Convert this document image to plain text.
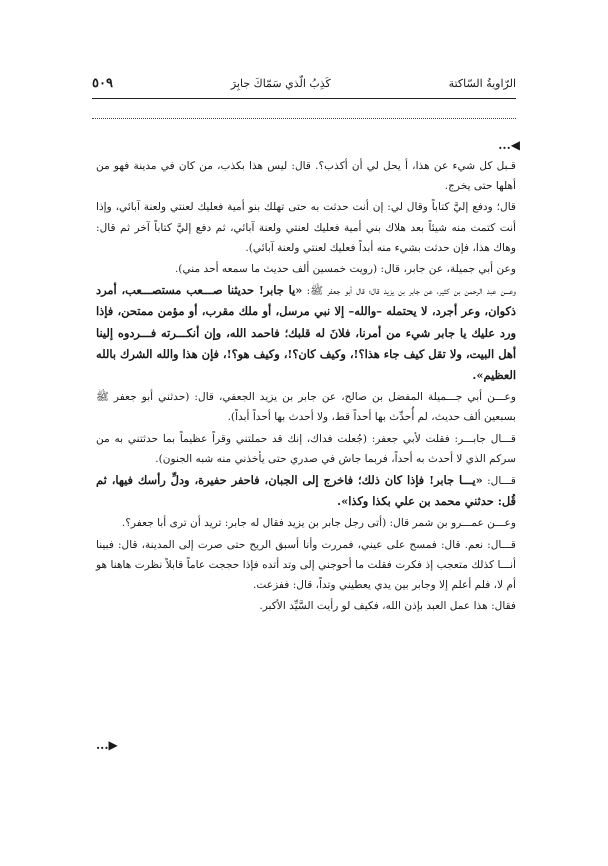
الرّاويةُ السّاكتة
كَذِبُ الّذي سَمّاكَ جابِرَ
٥٠٩
◀...

قـبل كل شيء عن هذا، أ يحل لي أن أكذب؟. قال: ليس هذا بكذب، من كان في مدينة فهو من أهلها حتى يخرج.

قال؛ ودفع إليَّ كتاباً وقال لي: إن أنت حدثت به حتى تهلك بنو أمية فعليك لعنتي ولعنة آبائي، وإذا أنت كتمت منه شيئاً بعد هلاك بني أمية فعليك لعنتي ولعنة آبائي، ثم دفع إليَّ كتاباً آخر ثم قال: وهاك هذا، فإن حدثت بشيء منه أبداً فعليك لعنتي ولعنة آبائي).

وعن أبي جميلة، عن جابر، قال: (رويت خمسين ألف حديث ما سمعه أحد مني).

وعـــن عبد الرحمن بن كثير، عن جابر بن يزيد قال؛ قال أبو جعفر ﷺ: «يا جابر! حديثنا صـــعب مستصـــعب، أمرد ذكوان، وعر أجرد، لا يحتمله –والله– إلا نبي مرسل، أو ملك مقرب، أو مؤمن ممتحن، فإذا ورد عليك يا جابر شيء من أمرنا، فلانَ له قلبك؛ فاحمد الله، وإن أنكـــرته فـــردوه إلينا أهل البيت، ولا تقل كيف جاء هذا؟!، وكيف كان؟!، وكيف هو؟!، فإن هذا والله الشرك بالله العظيم».

وعـــن أبي جـــميلة المفضل بن صالح، عن جابر بن يزيد الجعفي، قال: (حدثني أبو جعفر ﷺ بسبعين ألف حديث، لم أُحدِّث بها أحداً قط، ولا أحدث بها أحداً أبداً).

قـــال جابـــر: فقلت لأبي جعفر: (جُعلت فداك، إنك قد حملتني وقراً عظيماً بما حدثتني به من سركم الذي لا أحدث به أحداً، فربما جاش في صدري حتى يأخذني منه شبه الجنون).

قـــال: «يـــا جابر! فإذا كان ذلك؛ فاخرج إلى الجبان، فاحفر حفيرة، ودلِّ رأسك فيها، ثم قُل: حدثني محمد بن علي بكذا وكذا».

وعـــن عمـــرو بن شمر قال: (أتى رجل جابر بن يزيد فقال له جابر: تريد أن ترى أبا جعفر؟.

قـــال: نعم. قال: فمسح على عيني، فمررت وأنا أسبق الريح حتى صرت إلى المدينة، قال: فبينا أنـــا كذلك متعجب إذ فكرت فقلت ما أحوجني إلى وتد أتده فإذا حججت عاماً قابلاً نظرت هاهنا هو أم لا، فلم أعلم إلا وجابر بين يدي يعطيني وتداً، قال: ففزعت.

فقال: هذا عمل العبد بإذن الله، فكيف لو رأيت السَّيِّد الأكبر.

...▶
